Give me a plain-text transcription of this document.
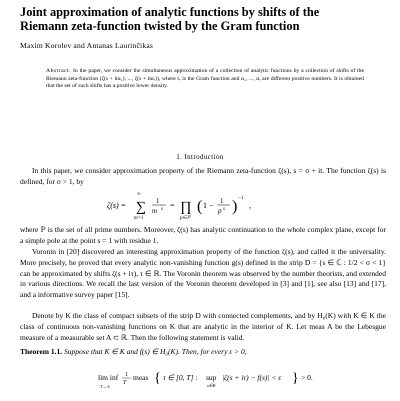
Joint approximation of analytic functions by shifts of the
Riemann zeta-function twisted by the Gram function
Maxim Korolev and Antanas Laurinčikas
Abstract. In the paper, we consider the simultaneous approximation of a collection of analytic functions by a collection of shifts of the Riemann zeta-function (ζ(s + itα₁), ..., ζ(s + itαᵣ)), where tᵥ is the Gram function and α₁, ..., αᵣ are different positive numbers. It is obtained that the set of such shifts has a positive lower density.
1. Introduction

In this paper, we consider approximation property of the Riemann zeta-function ζ(s), s = σ + it. The function ζ(s) is defined, for σ > 1, by

ζ(s) = ∑
∞
m=1
1
m s = ∏
p∈ℙ
( 1 − 1
p s ) −1
,

where ℙ is the set of all prime numbers. Moreover, ζ(s) has analytic continuation to the whole complex plane, except for a simple pole at the point s = 1 with residue 1.

Voronin in [20] discovered an interesting approximation property of the function ζ(s), and called it the universality. More precisely, he proved that every analytic non-vanishing function g(s) defined in the strip D = {s ∈ ℂ : 1/2 < σ < 1} can be approximated by shifts ζ(s + iτ), τ ∈ ℝ. The Voronin theorem was observed by the number theorists, and extended in various directions. We recall the last version of the Voronin theorem developed in [3] and [1], see also [13] and [17], and a informative survey paper [15].

Denote by K the class of compact subsets of the strip D with connected complements, and by H₀(K) with K ∈ K the class of continuous non-vanishing functions on K that are analytic in the interior of K. Let meas A be the Lebesgue measure of a measurable set A ⊂ ℝ. Then the following statement is valid.

Theorem 1.1. Suppose that K ∈ K and f(s) ∈ H₀(K). Then, for every ε > 0,

lim inf
T→∞
1
T
meas { τ ∈ [0, T] : sup
s∈K
|ζ(s + iτ) − f(s)| < ε } > 0.
